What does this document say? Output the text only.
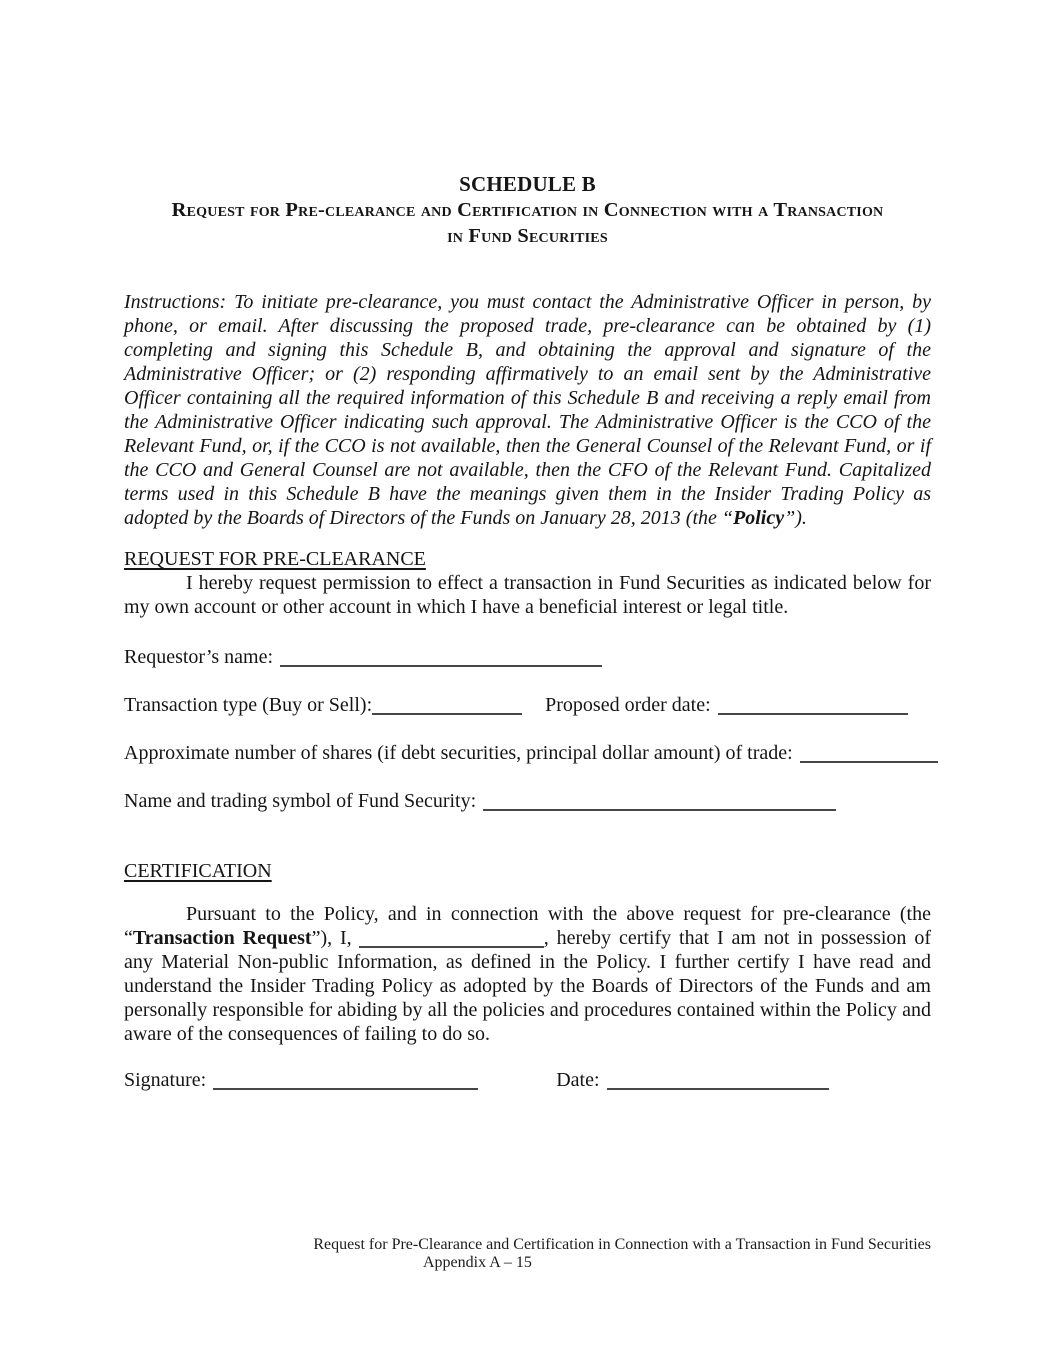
SCHEDULE B
Request for Pre-clearance and Certification in Connection with a Transaction
in Fund Securities

Instructions: To initiate pre-clearance, you must contact the Administrative Officer in person, by phone, or email. After discussing the proposed trade, pre-clearance can be obtained by (1) completing and signing this Schedule B, and obtaining the approval and signature of the Administrative Officer; or (2) responding affirmatively to an email sent by the Administrative Officer containing all the required information of this Schedule B and receiving a reply email from the Administrative Officer indicating such approval. The Administrative Officer is the CCO of the Relevant Fund, or, if the CCO is not available, then the General Counsel of the Relevant Fund, or if the CCO and General Counsel are not available, then the CFO of the Relevant Fund. Capitalized terms used in this Schedule B have the meanings given them in the Insider Trading Policy as adopted by the Boards of Directors of the Funds on January 28, 2013 (the “Policy”).

REQUEST FOR PRE-CLEARANCE

I hereby request permission to effect a transaction in Fund Securities as indicated below for my own account or other account in which I have a beneficial interest or legal title.

Requestor’s name:
Transaction type (Buy or Sell):	Proposed order date:
Approximate number of shares (if debt securities, principal dollar amount) of trade:
Name and trading symbol of Fund Security:
CERTIFICATION

Pursuant to the Policy, and in connection with the above request for pre-clearance (the “Transaction Request”), I,	, hereby certify that I am not in possession of any Material Non-public Information, as defined in the Policy. I further certify I have read and understand the Insider Trading Policy as adopted by the Boards of Directors of the Funds and am personally responsible for abiding by all the policies and procedures contained within the Policy and aware of the consequences of failing to do so.

Signature:	Date:
Request for Pre-Clearance and Certification in Connection with a Transaction in Fund Securities
Appendix A – 15
